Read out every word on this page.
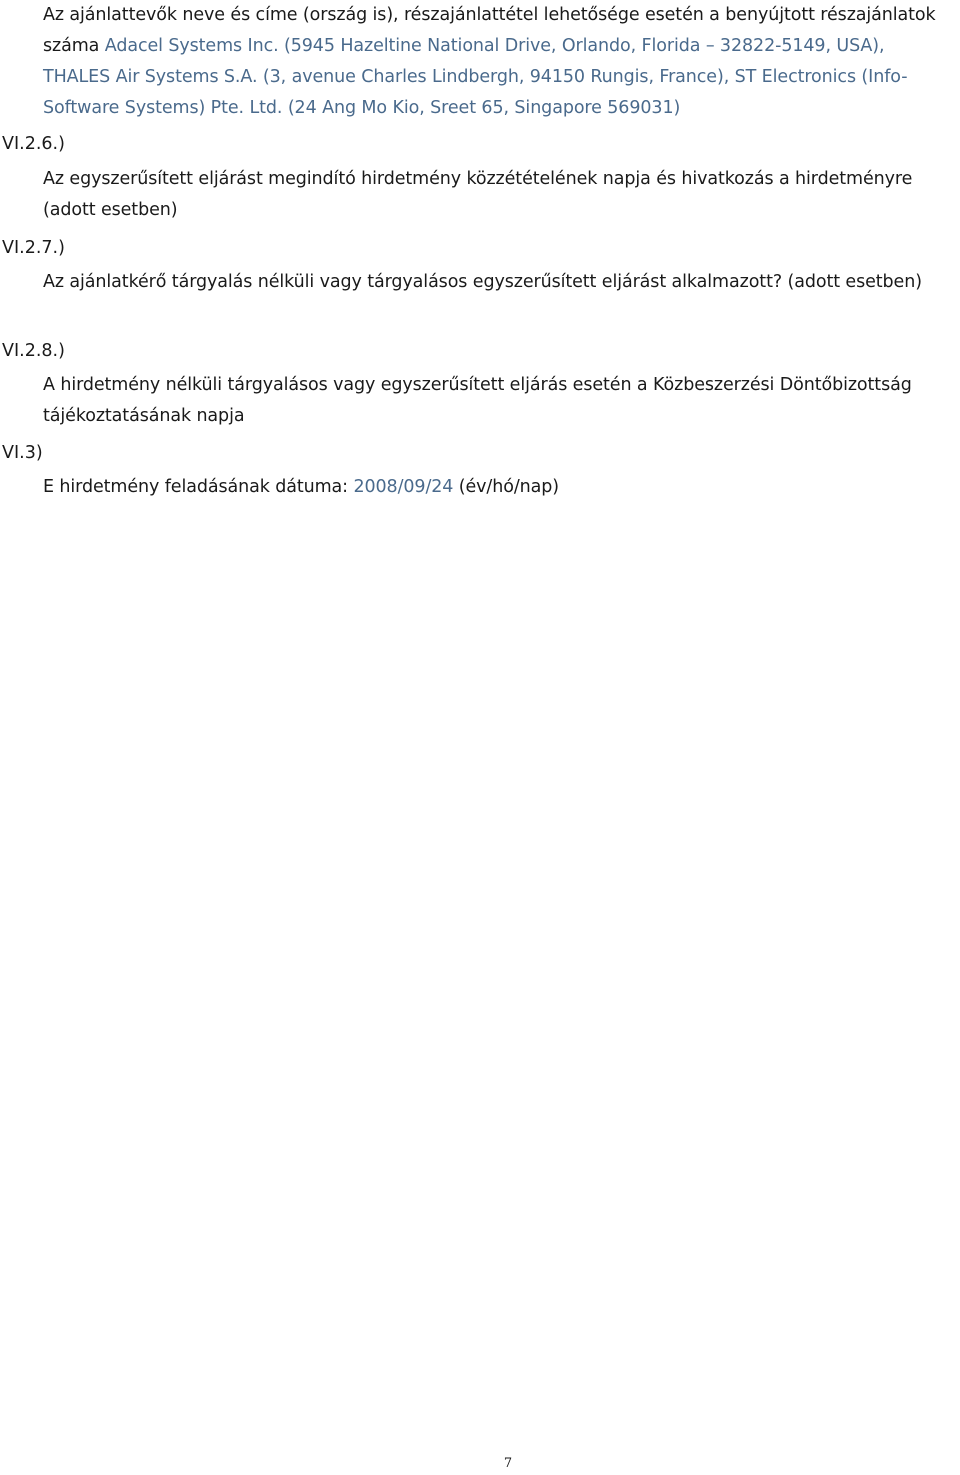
Az ajánlattevők neve és címe (ország is), részajánlattétel lehetősége esetén a benyújtott részajánlatok száma Adacel Systems Inc. (5945 Hazeltine National Drive, Orlando, Florida – 32822-5149, USA), THALES Air Systems S.A. (3, avenue Charles Lindbergh, 94150 Rungis, France), ST Electronics (Info-Software Systems) Pte. Ltd. (24 Ang Mo Kio, Sreet 65, Singapore 569031)
VI.2.6.)
Az egyszerűsített eljárást megindító hirdetmény közzétételének napja és hivatkozás a hirdetményre (adott esetben)
VI.2.7.)
Az ajánlatkérő tárgyalás nélküli vagy tárgyalásos egyszerűsített eljárást alkalmazott? (adott esetben)
VI.2.8.)
A hirdetmény nélküli tárgyalásos vagy egyszerűsített eljárás esetén a Közbeszerzési Döntőbizottság tájékoztatásának napja
VI.3)
E hirdetmény feladásának dátuma: 2008/09/24 (év/hó/nap)
7
